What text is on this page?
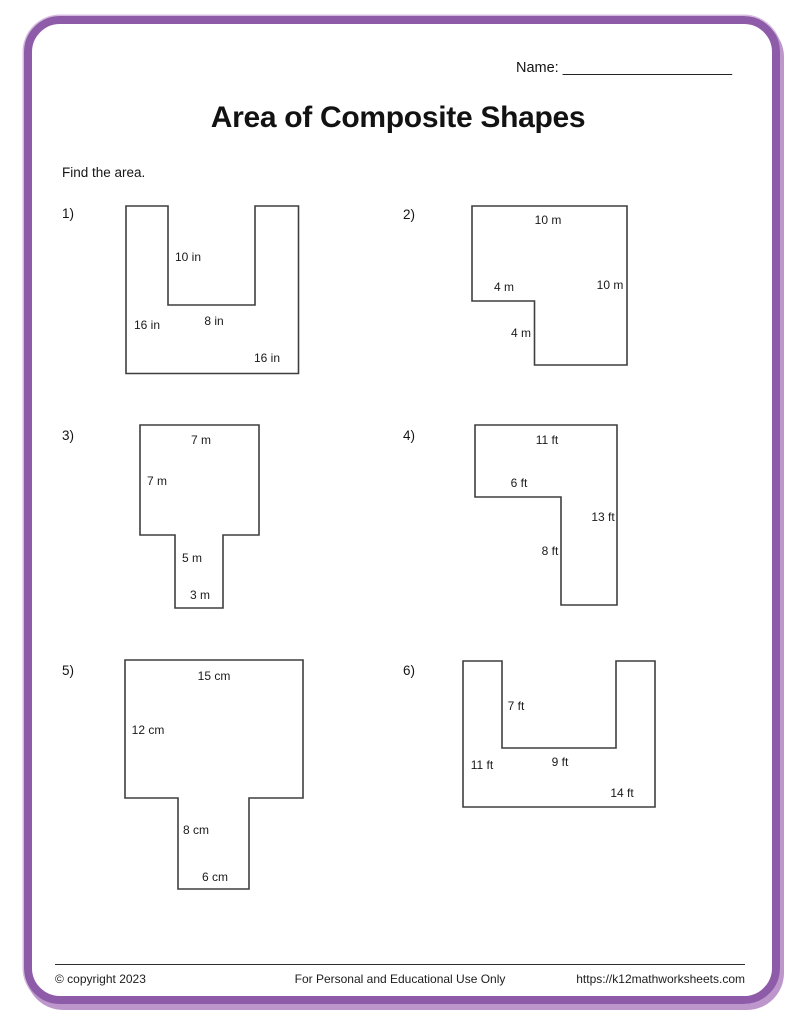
Name: _____________________
Area of Composite Shapes
Find the area.
1)
10 in
16 in	8 in
16 in
2)	10 m
4 m	10 m
4 m
3)	7 m
7 m
5 m
3 m
4)	11 ft
6 ft
13 ft
8 ft
5)	15 cm
12 cm
8 cm
6 cm
6)
7 ft
11 ft	9 ft
14 ft
© copyright 2023	For Personal and Educational Use Only	https://k12mathworksheets.com
